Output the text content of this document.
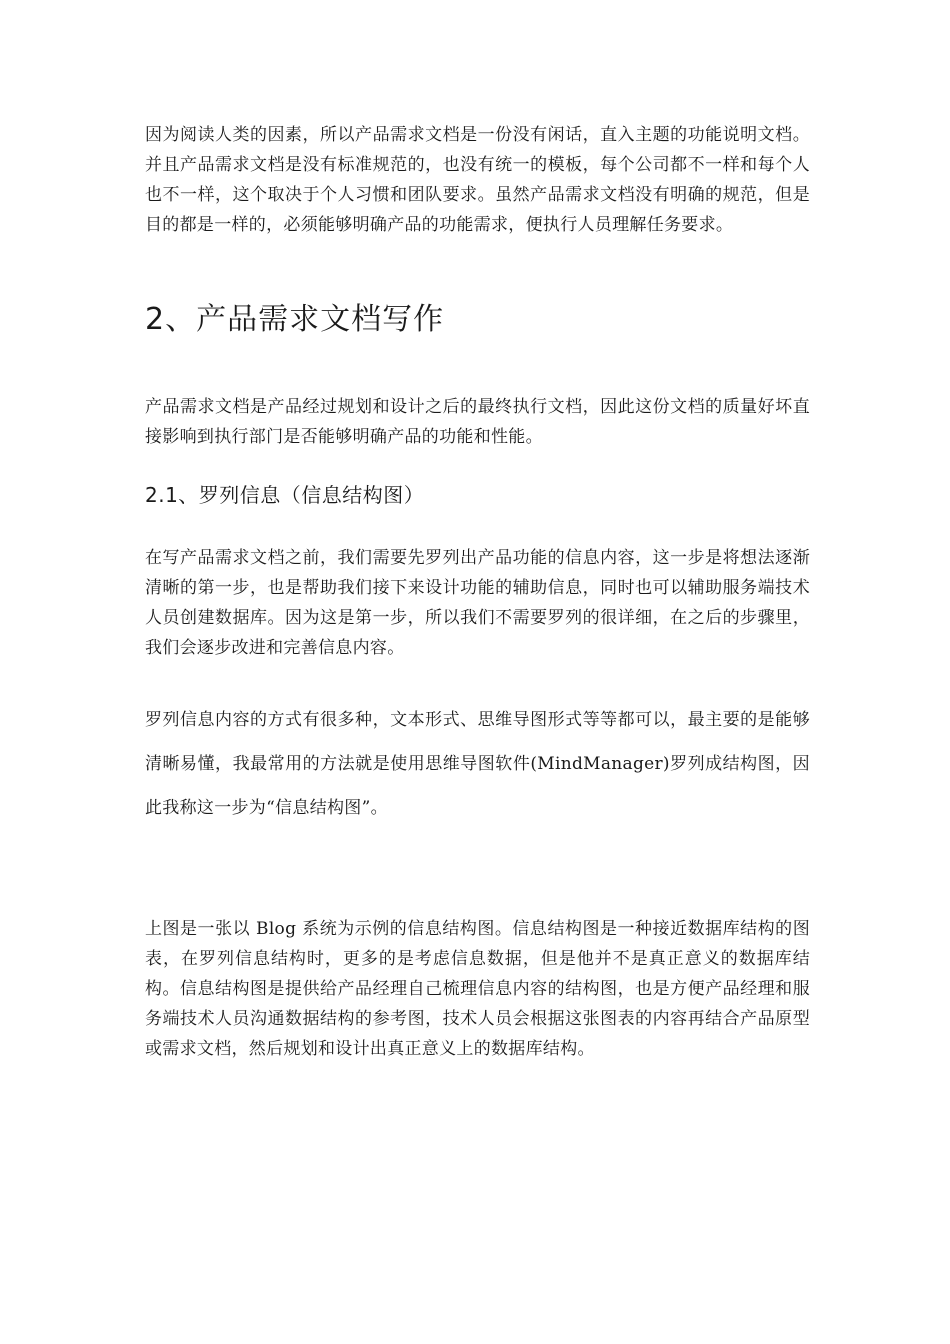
因为阅读人类的因素，所以产品需求文档是一份没有闲话，直入主题的功能说明文档。并且产品需求文档是没有标准规范的，也没有统一的模板，每个公司都不一样和每个人也不一样，这个取决于个人习惯和团队要求。虽然产品需求文档没有明确的规范，但是目的都是一样的，必须能够明确产品的功能需求，便执行人员理解任务要求。

2、产品需求文档写作

产品需求文档是产品经过规划和设计之后的最终执行文档，因此这份文档的质量好坏直接影响到执行部门是否能够明确产品的功能和性能。

2.1、罗列信息（信息结构图）

在写产品需求文档之前，我们需要先罗列出产品功能的信息内容，这一步是将想法逐渐清晰的第一步，也是帮助我们接下来设计功能的辅助信息，同时也可以辅助服务端技术人员创建数据库。因为这是第一步，所以我们不需要罗列的很详细，在之后的步骤里，我们会逐步改进和完善信息内容。

罗列信息内容的方式有很多种，文本形式、思维导图形式等等都可以，最主要的是能够清晰易懂，我最常用的方法就是使用思维导图软件(MindManager)罗列成结构图，因此我称这一步为“信息结构图”。

上图是一张以 Blog 系统为示例的信息结构图。信息结构图是一种接近数据库结构的图表，在罗列信息结构时，更多的是考虑信息数据，但是他并不是真正意义的数据库结构。信息结构图是提供给产品经理自己梳理信息内容的结构图，也是方便产品经理和服务端技术人员沟通数据结构的参考图，技术人员会根据这张图表的内容再结合产品原型或需求文档，然后规划和设计出真正意义上的数据库结构。
